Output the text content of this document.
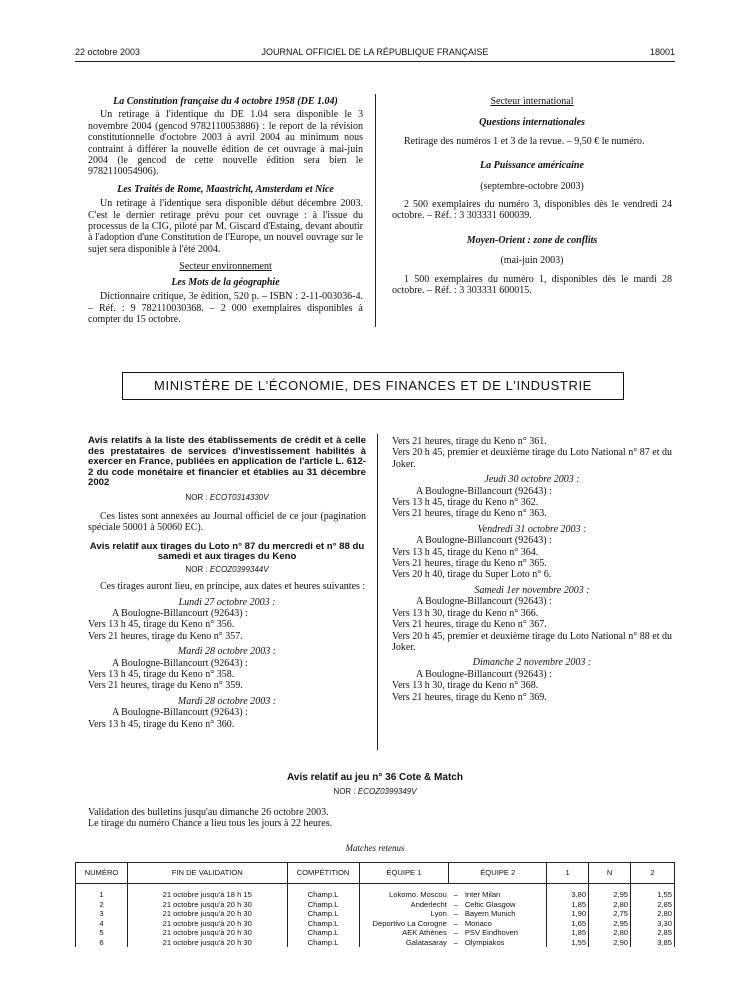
22 octobre 2003	JOURNAL OFFICIEL DE LA RÉPUBLIQUE FRANÇAISE	18001
La Constitution française du 4 octobre 1958 (DE 1.04)

Un retirage à l'identique du DE 1.04 sera disponible le 3 novembre 2004 (gencod 9782110053886) : le report de la révision constitutionnelle d'octobre 2003 à avril 2004 au minimum nous contraint à différer la nouvelle édition de cet ouvrage à mai-juin 2004 (le gencod de cette nouvelle édition sera bien le 9782110054906).

Les Traités de Rome, Maastricht, Amsterdam et Nice

Un retirage à l'identique sera disponible début décembre 2003. C'est le dernier retirage prévu pour cet ouvrage : à l'issue du processus de la CIG, piloté par M. Giscard d'Estaing, devant aboutir à l'adoption d'une Constitution de l'Europe, un nouvel ouvrage sur le sujet sera disponible à l'été 2004.

Secteur environnement
Les Mots de la géographie

Dictionnaire critique, 3e édition, 520 p. – ISBN : 2-11-003036-4. – Réf. : 9 782110030368. – 2 000 exemplaires disponibles à compter du 15 octobre.

Secteur international
Questions internationales

Retirage des numéros 1 et 3 de la revue. – 9,50 € le numéro.

La Puissance américaine
(septembre-octobre 2003)

2 500 exemplaires du numéro 3, disponibles dès le vendredi 24 octobre. – Réf. : 3 303331 600039.

Moyen-Orient : zone de conflits
(mai-juin 2003)

1 500 exemplaires du numéro 1, disponibles dès le mardi 28 octobre. – Réf. : 3 303331 600015.

MINISTÈRE DE L'ÉCONOMIE, DES FINANCES ET DE L'INDUSTRIE
Avis relatifs à la liste des établissements de crédit et à celle des prestataires de services d'investissement habilités à exercer en France, publiées en application de l'article L. 612-2 du code monétaire et financier et établies au 31 décembre 2002
NOR : ECOT0314330V

Ces listes sont annexées au Journal officiel de ce jour (pagination spéciale 50001 à 50060 EC).

Avis relatif aux tirages du Loto n° 87 du mercredi et n° 88 du samedi et aux tirages du Keno
NOR : ECOZ0399344V

Ces tirages auront lieu, en principe, aux dates et heures suivantes :

Lundi 27 octobre 2003 :

A Boulogne-Billancourt (92643) :

Vers 13 h 45, tirage du Keno n° 356.

Vers 21 heures, tirage du Keno n° 357.

Mardi 28 octobre 2003 :

A Boulogne-Billancourt (92643) :

Vers 13 h 45, tirage du Keno n° 358.

Vers 21 heures, tirage du Keno n° 359.

Mardi 28 octobre 2003 :

A Boulogne-Billancourt (92643) :

Vers 13 h 45, tirage du Keno n° 360.

Vers 21 heures, tirage du Keno n° 361.

Vers 20 h 45, premier et deuxième tirage du Loto National n° 87 et du Joker.

Jeudi 30 octobre 2003 :

A Boulogne-Billancourt (92643) :

Vers 13 h 45, tirage du Keno n° 362.

Vers 21 heures, tirage du Keno n° 363.

Vendredi 31 octobre 2003 :

A Boulogne-Billancourt (92643) :

Vers 13 h 45, tirage du Keno n° 364.

Vers 21 heures, tirage du Keno n° 365.

Vers 20 h 40, tirage du Super Loto n° 6.

Samedi 1er novembre 2003 :

A Boulogne-Billancourt (92643) :

Vers 13 h 30, tirage du Keno n° 366.

Vers 21 heures, tirage du Keno n° 367.

Vers 20 h 45, premier et deuxième tirage du Loto National n° 88 et du Joker.

Dimanche 2 novembre 2003 :

A Boulogne-Billancourt (92643) :

Vers 13 h 30, tirage du Keno n° 368.

Vers 21 heures, tirage du Keno n° 369.

Avis relatif au jeu n° 36 Cote & Match
NOR : ECOZ0399349V
Validation des bulletins jusqu'au dimanche 26 octobre 2003.
Le tirage du numéro Chance a lieu tous les jours à 22 heures.
Matches retenus
NUMÉRO	FIN DE VALIDATION	COMPÉTITION	ÉQUIPE 1	ÉQUIPE 2		1	N	2
1	21 octobre jusqu'à 18 h 15	Champ.L	Lokomo. Moscou	–	Inter Milan	3,80	2,95	1,55
2	21 octobre jusqu'à 20 h 30	Champ.L	Anderlecht	–	Celtic Glasgow	1,85	2,80	2,85
3	21 octobre jusqu'à 20 h 30	Champ.L	Lyon	–	Bayern Munich	1,90	2,75	2,80
4	21 octobre jusqu'à 20 h 30	Champ.L	Deportivo La Corogne	–	Monaco	1,65	2,95	3,30
5	21 octobre jusqu'à 20 h 30	Champ.L	AEK Athènes	–	PSV Eindhoven	1,85	2,80	2,85
6	21 octobre jusqu'à 20 h 30	Champ.L	Galatasaray	–	Olympiakos	1,55	2,90	3,85
